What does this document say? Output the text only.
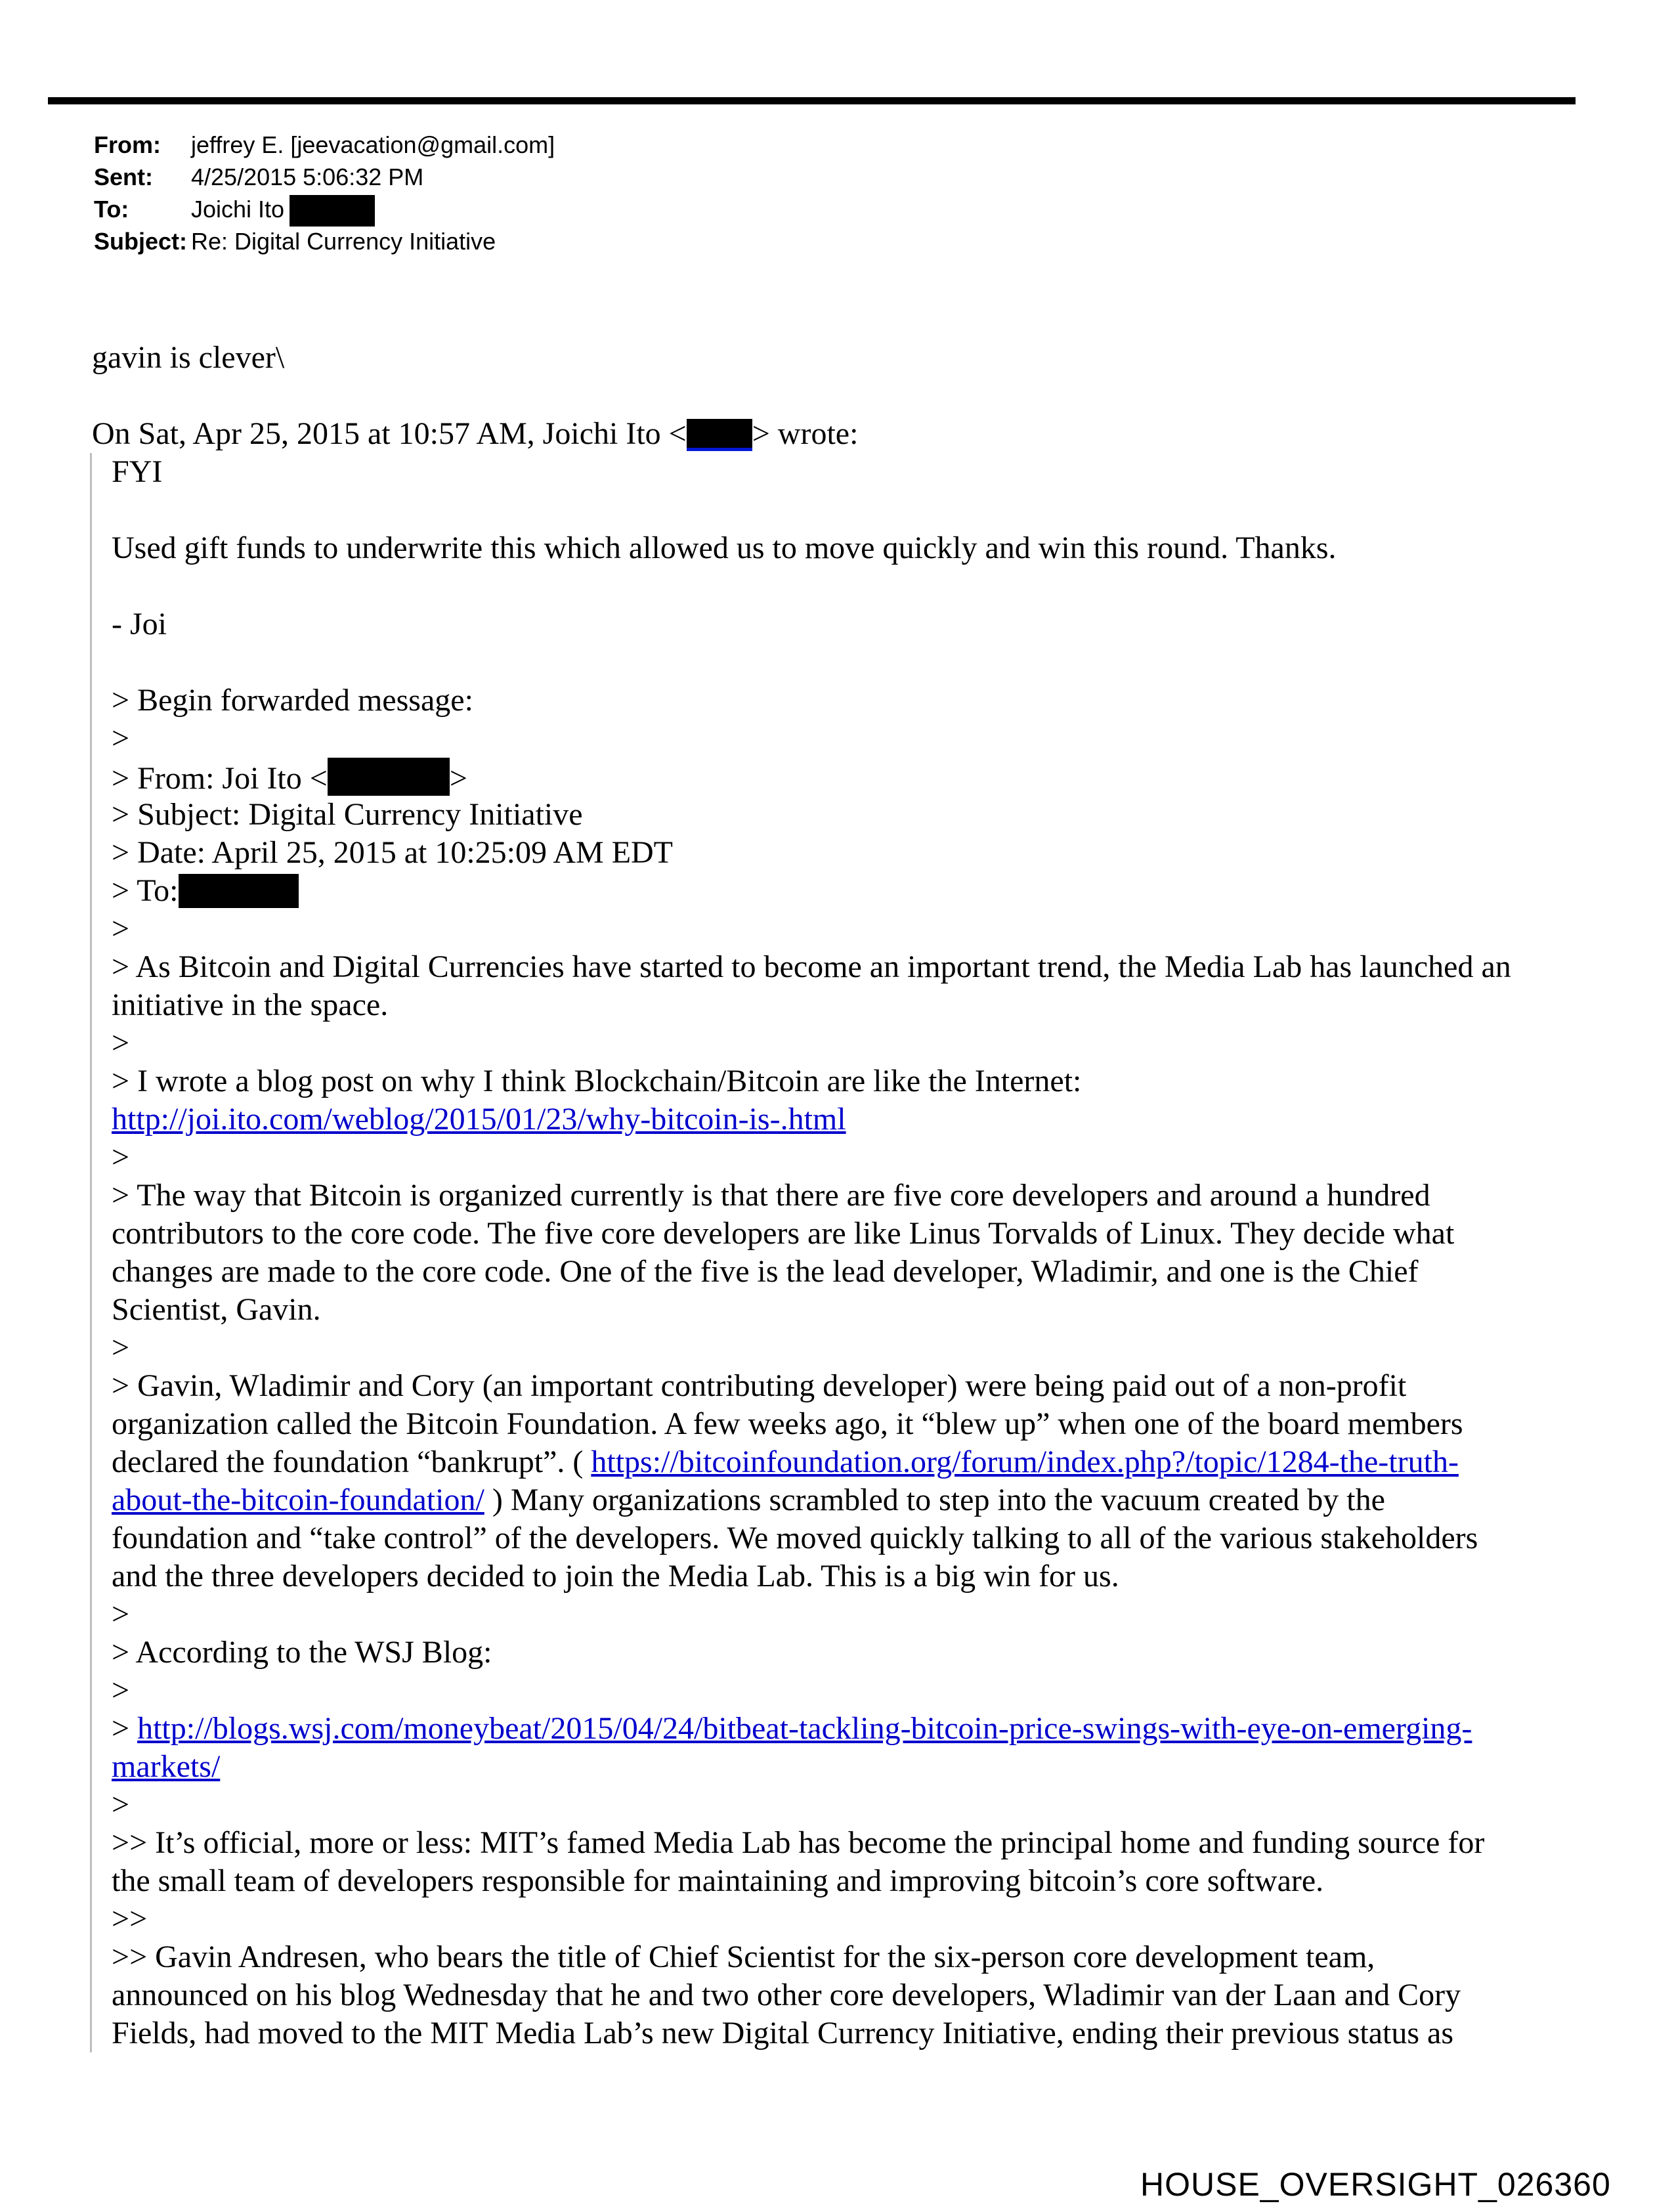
From: jeffrey E. [jeevacation@gmail.com]
Sent: 4/25/2015 5:06:32 PM
To:	Joichi Ito
Subject: Re: Digital Currency Initiative
gavin is clever\
On Sat, Apr 25, 2015 at 10:57 AM, Joichi Ito < > wrote:
FYI
Used gift funds to underwrite this which allowed us to move quickly and win this round. Thanks.
- Joi
> Begin forwarded message:
>
> From: Joi Ito <	>
> Subject: Digital Currency Initiative
> Date: April 25, 2015 at 10:25:09 AM EDT
> To:
>
> As Bitcoin and Digital Currencies have started to become an important trend, the Media Lab has launched an
initiative in the space.
>
> I wrote a blog post on why I think Blockchain/Bitcoin are like the Internet:
http://joi.ito.com/weblog/2015/01/23/why-bitcoin-is-.html
>
> The way that Bitcoin is organized currently is that there are five core developers and around a hundred
contributors to the core code. The five core developers are like Linus Torvalds of Linux. They decide what
changes are made to the core code. One of the five is the lead developer, Wladimir, and one is the Chief
Scientist, Gavin.
>
> Gavin, Wladimir and Cory (an important contributing developer) were being paid out of a non-profit
organization called the Bitcoin Foundation. A few weeks ago, it “blew up” when one of the board members
declared the foundation “bankrupt”. ( https://bitcoinfoundation.org/forum/index.php?/topic/1284-the-truth-
about-the-bitcoin-foundation/ ) Many organizations scrambled to step into the vacuum created by the
foundation and “take control” of the developers. We moved quickly talking to all of the various stakeholders
and the three developers decided to join the Media Lab. This is a big win for us.
>
> According to the WSJ Blog:
>
> http://blogs.wsj.com/moneybeat/2015/04/24/bitbeat-tackling-bitcoin-price-swings-with-eye-on-emerging-
markets/
>
>> It’s official, more or less: MIT’s famed Media Lab has become the principal home and funding source for
the small team of developers responsible for maintaining and improving bitcoin’s core software.
>>
>> Gavin Andresen, who bears the title of Chief Scientist for the six-person core development team,
announced on his blog Wednesday that he and two other core developers, Wladimir van der Laan and Cory
Fields, had moved to the MIT Media Lab’s new Digital Currency Initiative, ending their previous status as
HOUSE_OVERSIGHT_026360
